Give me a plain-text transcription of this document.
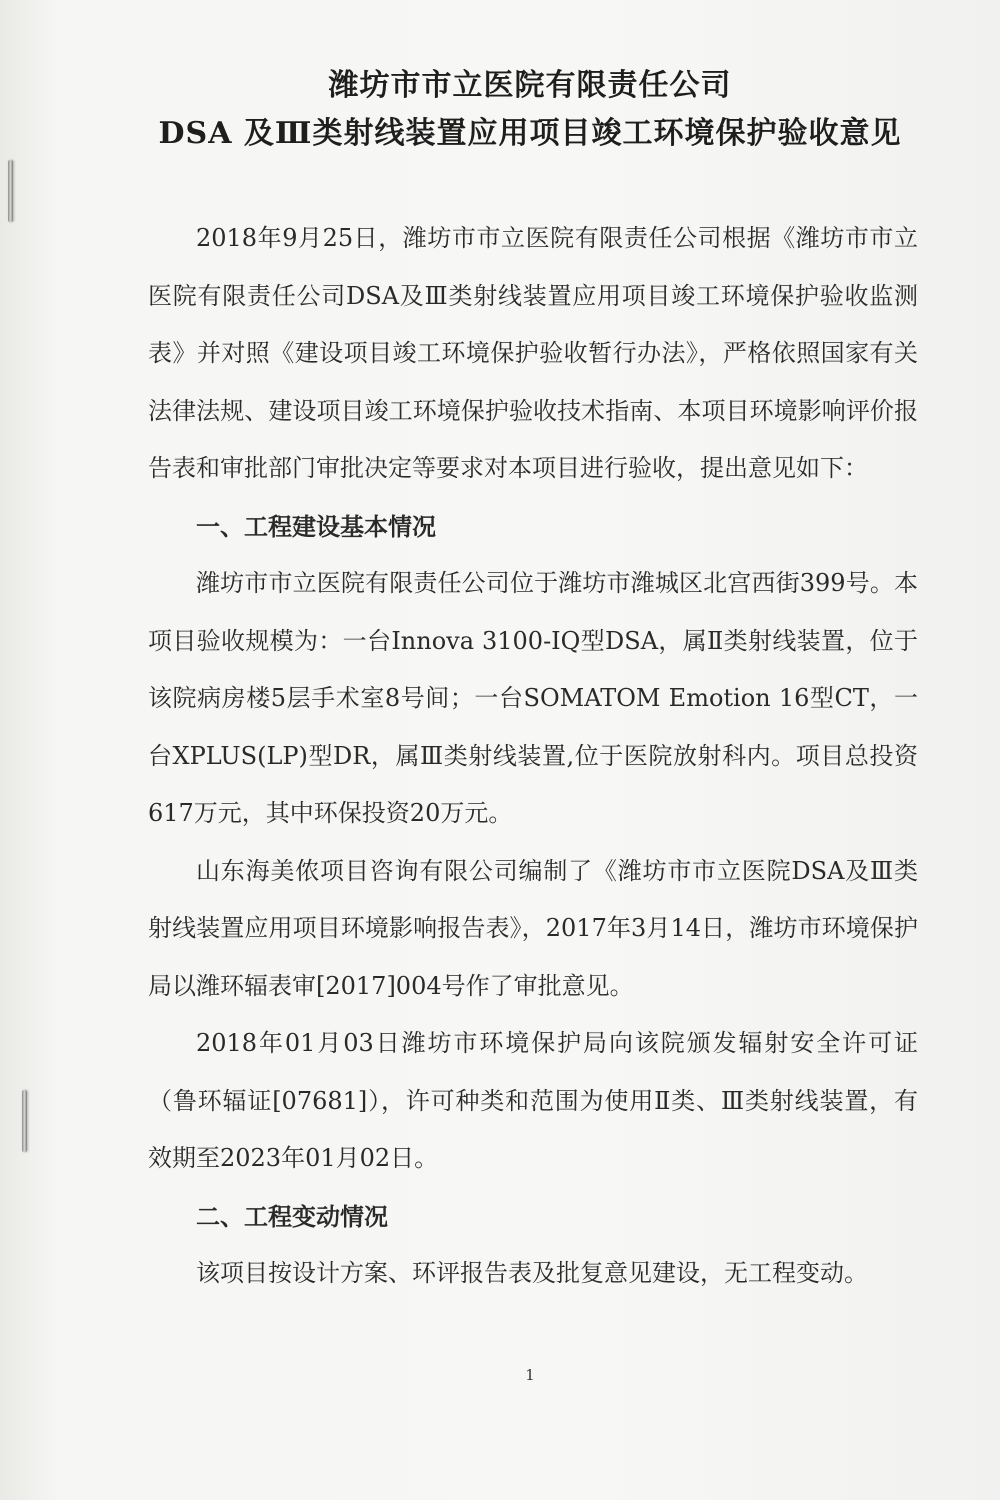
潍坊市市立医院有限责任公司
DSA 及Ⅲ类射线装置应用项目竣工环境保护验收意见

2018年9月25日，潍坊市市立医院有限责任公司根据《潍坊市市立医院有限责任公司DSA及Ⅲ类射线装置应用项目竣工环境保护验收监测表》并对照《建设项目竣工环境保护验收暂行办法》，严格依照国家有关法律法规、建设项目竣工环境保护验收技术指南、本项目环境影响评价报告表和审批部门审批决定等要求对本项目进行验收，提出意见如下：

一、工程建设基本情况

潍坊市市立医院有限责任公司位于潍坊市潍城区北宫西街399号。本项目验收规模为：一台Innova 3100-IQ型DSA，属Ⅱ类射线装置，位于该院病房楼5层手术室8号间；一台SOMATOM Emotion 16型CT，一台XPLUS(LP)型DR，属Ⅲ类射线装置,位于医院放射科内。项目总投资617万元，其中环保投资20万元。

山东海美侬项目咨询有限公司编制了《潍坊市市立医院DSA及Ⅲ类射线装置应用项目环境影响报告表》，2017年3月14日，潍坊市环境保护局以潍环辐表审[2017]004号作了审批意见。

2018年01月03日潍坊市环境保护局向该院颁发辐射安全许可证（鲁环辐证[07681]），许可种类和范围为使用Ⅱ类、Ⅲ类射线装置，有效期至2023年01月02日。

二、工程变动情况

该项目按设计方案、环评报告表及批复意见建设，无工程变动。

1
